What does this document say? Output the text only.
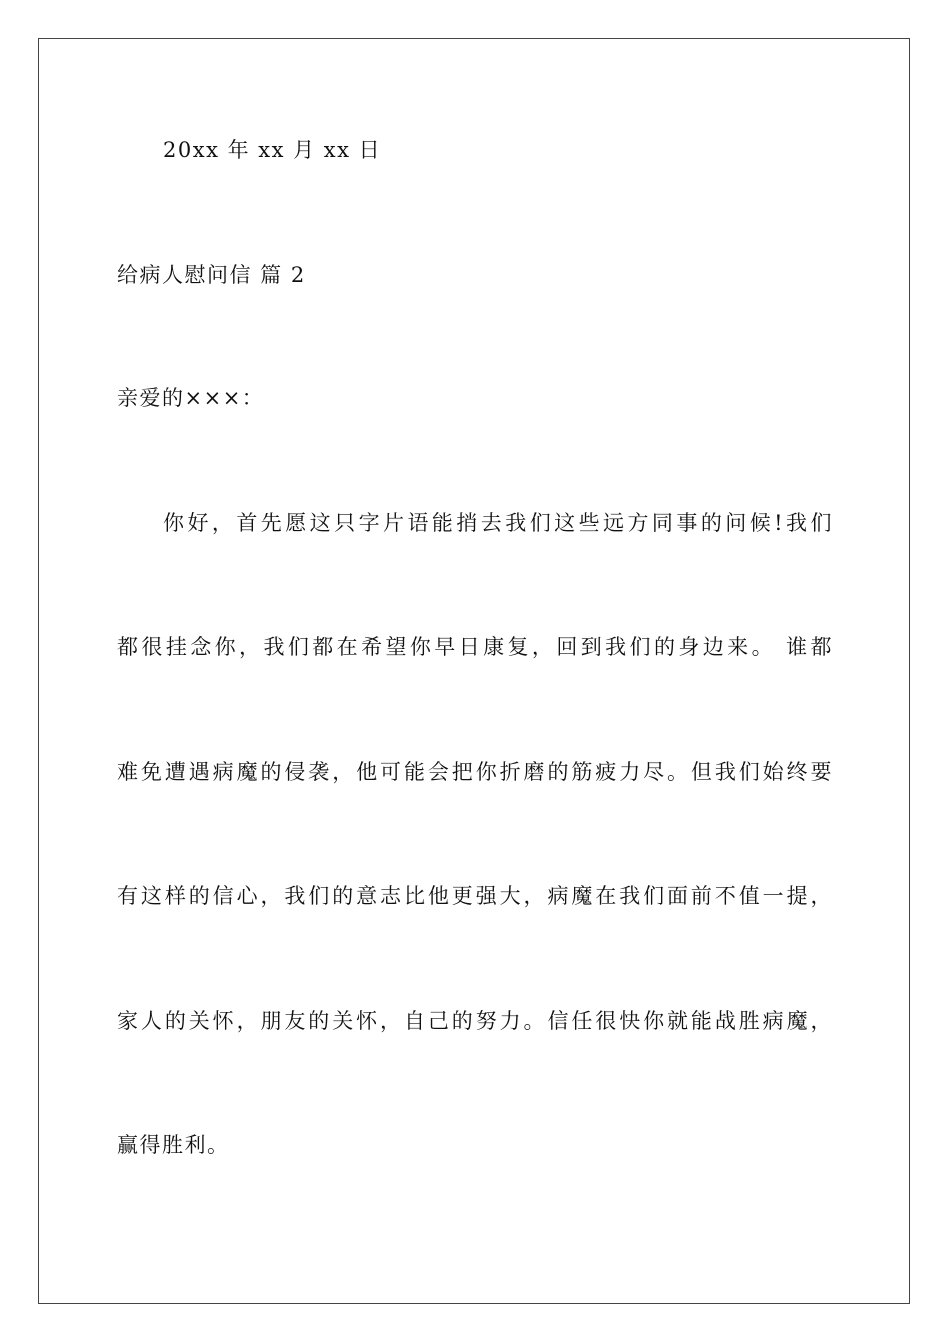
20xx 年 xx 月 xx 日
给病人慰问信 篇 2
亲爱的×××：
你好，首先愿这只字片语能捎去我们这些远方同事的问候!我们
都很挂念你，我们都在希望你早日康复，回到我们的身边来。 谁都
难免遭遇病魔的侵袭，他可能会把你折磨的筋疲力尽。但我们始终要
有这样的信心，我们的意志比他更强大，病魔在我们面前不值一提，
家人的关怀，朋友的关怀，自己的努力。信任很快你就能战胜病魔，
赢得胜利。
